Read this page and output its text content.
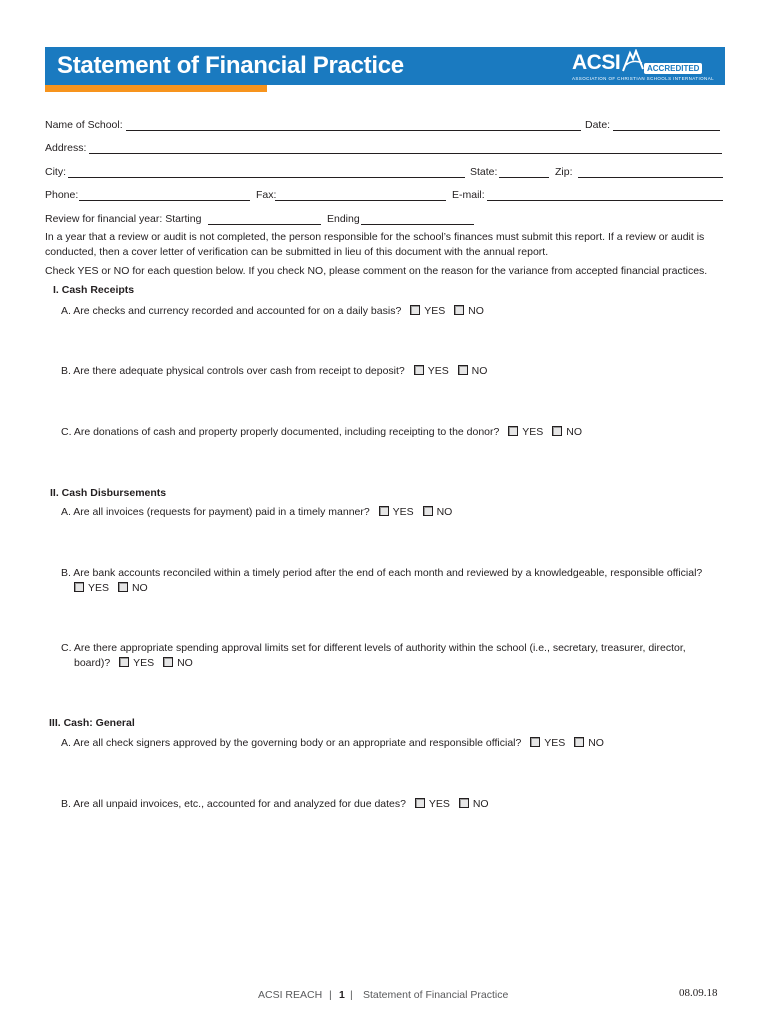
Statement of Financial Practice	ACSI	ACCREDITED
ASSOCIATION OF CHRISTIAN SCHOOLS INTERNATIONAL
Name of School:	Date:
Address:
City:	State:	Zip:
Phone:	Fax:	E-mail:
Review for financial year: Starting	Ending
In a year that a review or audit is not completed, the person responsible for the school’s finances must submit this report. If a review or audit is conducted, then a cover letter of verification can be submitted in lieu of this document with the annual report.
Check YES or NO for each question below. If you check NO, please comment on the reason for the variance from accepted financial practices.
I. Cash Receipts
A. Are checks and currency recorded and accounted for on a daily basis? YES NO
B. Are there adequate physical controls over cash from receipt to deposit? YES NO
C. Are donations of cash and property properly documented, including receipting to the donor? YES NO
II. Cash Disbursements
A. Are all invoices (requests for payment) paid in a timely manner? YES NO
B. Are bank accounts reconciled within a timely period after the end of each month and reviewed by a knowledgeable, responsible official?
YES NO
C. Are there appropriate spending approval limits set for different levels of authority within the school (i.e., secretary, treasurer, director,
board)? YES NO
III. Cash: General
A. Are all check signers approved by the governing body or an appropriate and responsible official? YES NO
B. Are all unpaid invoices, etc., accounted for and analyzed for due dates? YES NO
ACSI REACH | 1 | Statement of Financial Practice	08.09.18
